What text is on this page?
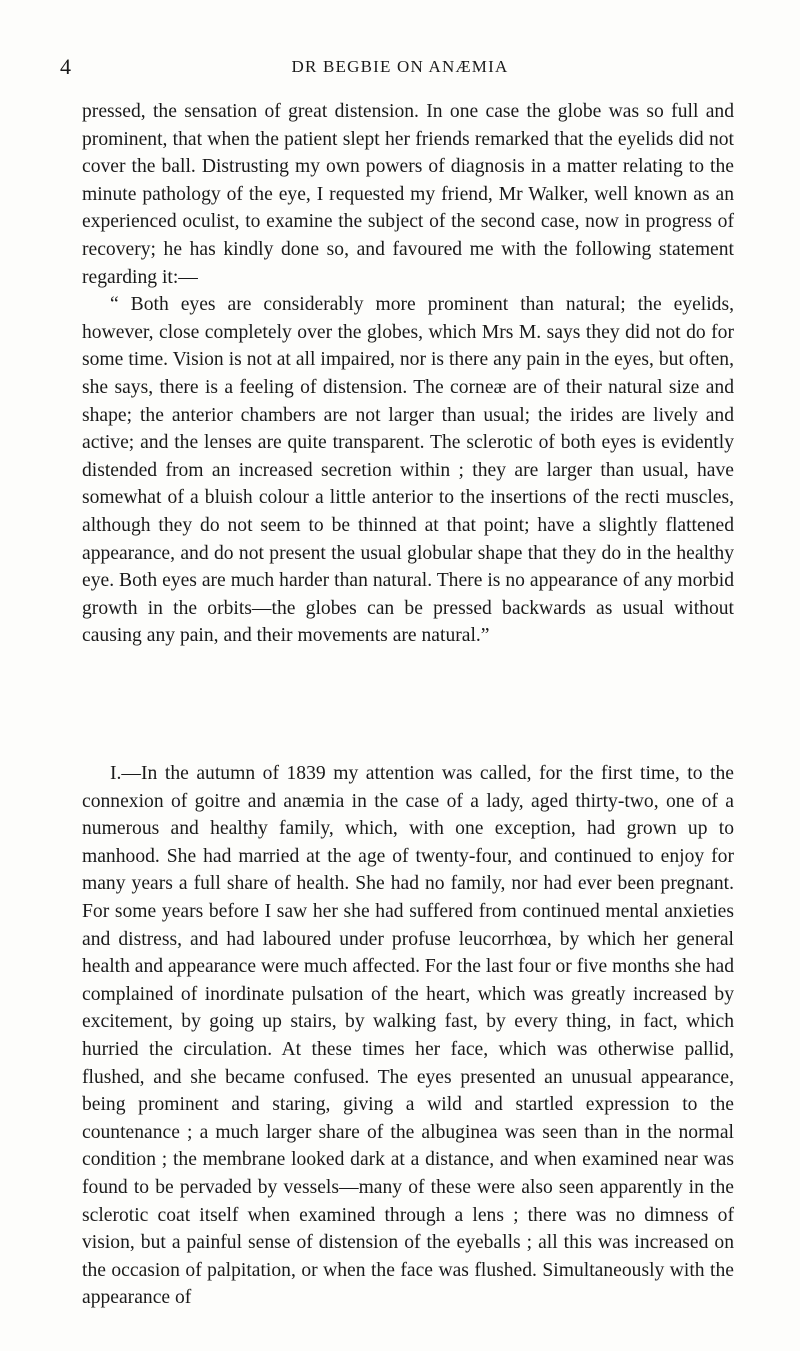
4	DR BEGBIE ON ANÆMIA

pressed, the sensation of great distension. In one case the globe was so full and prominent, that when the patient slept her friends remarked that the eyelids did not cover the ball. Distrusting my own powers of diagnosis in a matter relating to the minute pathology of the eye, I requested my friend, Mr Walker, well known as an experienced oculist, to examine the subject of the second case, now in progress of recovery; he has kindly done so, and favoured me with the following statement regarding it:—

“ Both eyes are considerably more prominent than natural; the eyelids, however, close completely over the globes, which Mrs M. says they did not do for some time. Vision is not at all impaired, nor is there any pain in the eyes, but often, she says, there is a feeling of distension. The corneæ are of their natural size and shape; the anterior chambers are not larger than usual; the irides are lively and active; and the lenses are quite transparent. The sclerotic of both eyes is evidently distended from an increased secretion within ; they are larger than usual, have somewhat of a bluish colour a little anterior to the insertions of the recti muscles, although they do not seem to be thinned at that point; have a slightly flattened appearance, and do not present the usual globular shape that they do in the healthy eye. Both eyes are much harder than natural. There is no appearance of any morbid growth in the orbits—the globes can be pressed backwards as usual without causing any pain, and their movements are natural.”

I.—In the autumn of 1839 my attention was called, for the first time, to the connexion of goitre and anæmia in the case of a lady, aged thirty-two, one of a numerous and healthy family, which, with one exception, had grown up to manhood. She had married at the age of twenty-four, and continued to enjoy for many years a full share of health. She had no family, nor had ever been pregnant. For some years before I saw her she had suffered from continued mental anxieties and distress, and had laboured under profuse leucorrhœa, by which her general health and appearance were much affected. For the last four or five months she had complained of inordinate pulsation of the heart, which was greatly increased by excitement, by going up stairs, by walking fast, by every thing, in fact, which hurried the circulation. At these times her face, which was otherwise pallid, flushed, and she became confused. The eyes presented an unusual appearance, being prominent and staring, giving a wild and startled expression to the countenance ; a much larger share of the albuginea was seen than in the normal condition ; the membrane looked dark at a distance, and when examined near was found to be pervaded by vessels—many of these were also seen apparently in the sclerotic coat itself when examined through a lens ; there was no dimness of vision, but a painful sense of distension of the eyeballs ; all this was increased on the occasion of palpitation, or when the face was flushed. Simultaneously with the appearance of
